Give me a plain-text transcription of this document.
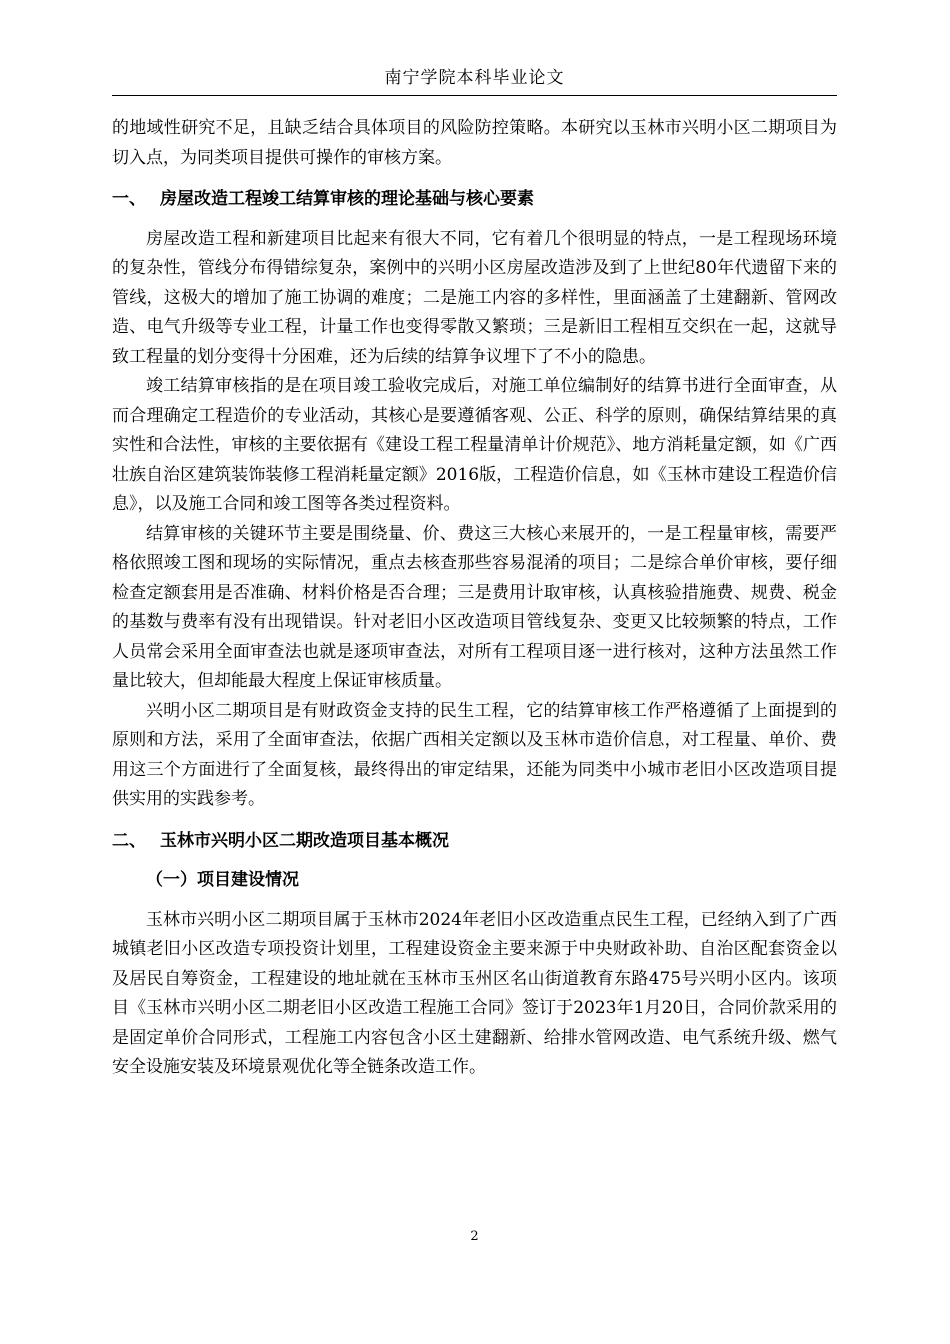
南宁学院本科毕业论文

的地域性研究不足，且缺乏结合具体项目的风险防控策略。本研究以玉林市兴明小区二期项目为切入点，为同类项目提供可操作的审核方案。

一、 房屋改造工程竣工结算审核的理论基础与核心要素

房屋改造工程和新建项目比起来有很大不同，它有着几个很明显的特点，一是工程现场环境的复杂性，管线分布得错综复杂，案例中的兴明小区房屋改造涉及到了上世纪80年代遗留下来的管线，这极大的增加了施工协调的难度；二是施工内容的多样性，里面涵盖了土建翻新、管网改造、电气升级等专业工程，计量工作也变得零散又繁琐；三是新旧工程相互交织在一起，这就导致工程量的划分变得十分困难，还为后续的结算争议埋下了不小的隐患。

竣工结算审核指的是在项目竣工验收完成后，对施工单位编制好的结算书进行全面审查，从而合理确定工程造价的专业活动，其核心是要遵循客观、公正、科学的原则，确保结算结果的真实性和合法性，审核的主要依据有《建设工程工程量清单计价规范》、地方消耗量定额，如《广西壮族自治区建筑装饰装修工程消耗量定额》2016版，工程造价信息，如《玉林市建设工程造价信息》，以及施工合同和竣工图等各类过程资料。

结算审核的关键环节主要是围绕量、价、费这三大核心来展开的，一是工程量审核，需要严格依照竣工图和现场的实际情况，重点去核查那些容易混淆的项目；二是综合单价审核，要仔细检查定额套用是否准确、材料价格是否合理；三是费用计取审核，认真核验措施费、规费、税金的基数与费率有没有出现错误。针对老旧小区改造项目管线复杂、变更又比较频繁的特点，工作人员常会采用全面审查法也就是逐项审查法，对所有工程项目逐一进行核对，这种方法虽然工作量比较大，但却能最大程度上保证审核质量。

兴明小区二期项目是有财政资金支持的民生工程，它的结算审核工作严格遵循了上面提到的原则和方法，采用了全面审查法，依据广西相关定额以及玉林市造价信息，对工程量、单价、费用这三个方面进行了全面复核，最终得出的审定结果，还能为同类中小城市老旧小区改造项目提供实用的实践参考。

二、 玉林市兴明小区二期改造项目基本概况
（一）项目建设情况

玉林市兴明小区二期项目属于玉林市2024年老旧小区改造重点民生工程，已经纳入到了广西城镇老旧小区改造专项投资计划里，工程建设资金主要来源于中央财政补助、自治区配套资金以及居民自筹资金，工程建设的地址就在玉林市玉州区名山街道教育东路475号兴明小区内。该项目《玉林市兴明小区二期老旧小区改造工程施工合同》签订于2023年1月20日，合同价款采用的是固定单价合同形式，工程施工内容包含小区土建翻新、给排水管网改造、电气系统升级、燃气安全设施安装及环境景观优化等全链条改造工作。

2
